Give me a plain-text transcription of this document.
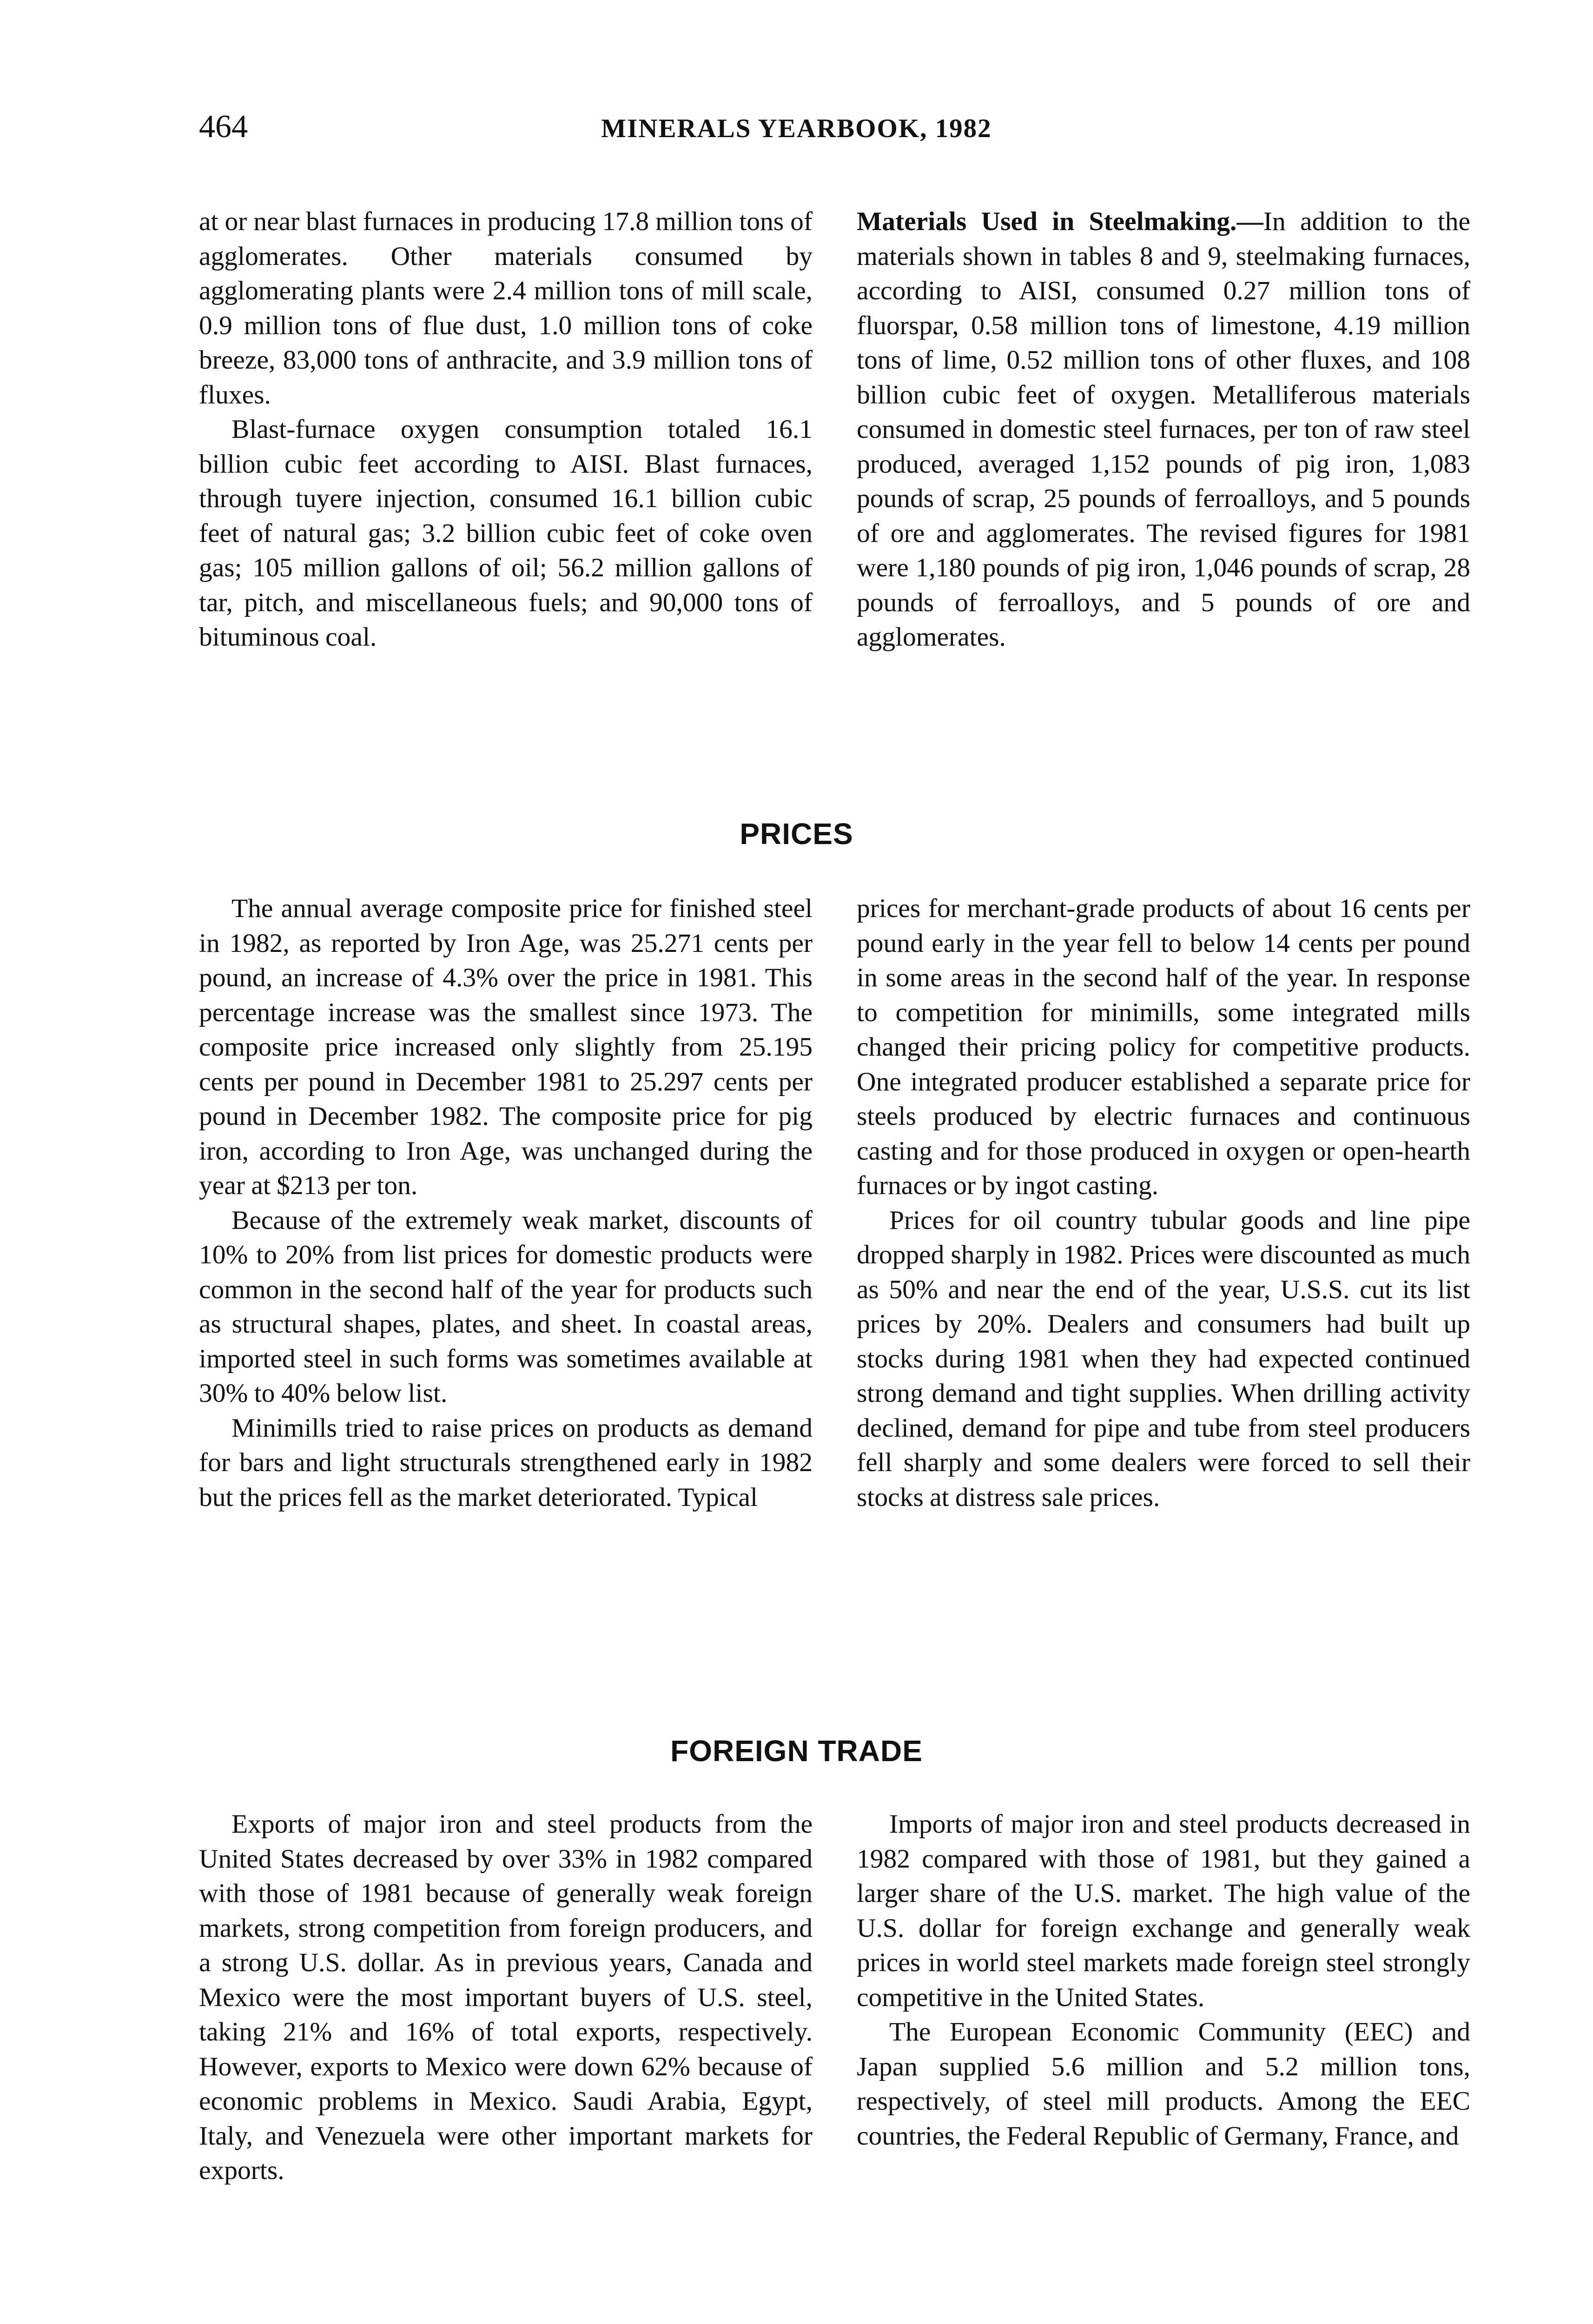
464	MINERALS YEARBOOK, 1982

at or near blast furnaces in producing 17.8 million tons of agglomerates. Other materials consumed by agglomerating plants were 2.4 million tons of mill scale, 0.9 million tons of flue dust, 1.0 million tons of coke breeze, 83,000 tons of anthracite, and 3.9 million tons of fluxes.

Blast-furnace oxygen consumption totaled 16.1 billion cubic feet according to AISI. Blast furnaces, through tuyere injection, consumed 16.1 billion cubic feet of natural gas; 3.2 billion cubic feet of coke oven gas; 105 million gallons of oil; 56.2 million gallons of tar, pitch, and miscellaneous fuels; and 90,000 tons of bituminous coal.

Materials Used in Steelmaking.—In addition to the materials shown in tables 8 and 9, steelmaking furnaces, according to AISI, consumed 0.27 million tons of fluorspar, 0.58 million tons of limestone, 4.19 million tons of lime, 0.52 million tons of other fluxes, and 108 billion cubic feet of oxygen. Metalliferous materials consumed in domestic steel furnaces, per ton of raw steel produced, averaged 1,152 pounds of pig iron, 1,083 pounds of scrap, 25 pounds of ferroalloys, and 5 pounds of ore and agglomerates. The revised figures for 1981 were 1,180 pounds of pig iron, 1,046 pounds of scrap, 28 pounds of ferroalloys, and 5 pounds of ore and agglomerates.

PRICES

The annual average composite price for finished steel in 1982, as reported by Iron Age, was 25.271 cents per pound, an increase of 4.3% over the price in 1981. This percentage increase was the smallest since 1973. The composite price increased only slightly from 25.195 cents per pound in December 1981 to 25.297 cents per pound in December 1982. The composite price for pig iron, according to Iron Age, was unchanged during the year at $213 per ton.

Because of the extremely weak market, discounts of 10% to 20% from list prices for domestic products were common in the second half of the year for products such as structural shapes, plates, and sheet. In coastal areas, imported steel in such forms was sometimes available at 30% to 40% below list.

Minimills tried to raise prices on products as demand for bars and light structurals strengthened early in 1982 but the prices fell as the market deteriorated. Typical

prices for merchant-grade products of about 16 cents per pound early in the year fell to below 14 cents per pound in some areas in the second half of the year. In response to competition for minimills, some integrated mills changed their pricing policy for competitive products. One integrated producer established a separate price for steels produced by electric furnaces and continuous casting and for those produced in oxygen or open-hearth furnaces or by ingot casting.

Prices for oil country tubular goods and line pipe dropped sharply in 1982. Prices were discounted as much as 50% and near the end of the year, U.S.S. cut its list prices by 20%. Dealers and consumers had built up stocks during 1981 when they had expected continued strong demand and tight supplies. When drilling activity declined, demand for pipe and tube from steel producers fell sharply and some dealers were forced to sell their stocks at distress sale prices.

FOREIGN TRADE

Exports of major iron and steel products from the United States decreased by over 33% in 1982 compared with those of 1981 because of generally weak foreign markets, strong competition from foreign producers, and a strong U.S. dollar. As in previous years, Canada and Mexico were the most important buyers of U.S. steel, taking 21% and 16% of total exports, respectively. However, exports to Mexico were down 62% because of economic problems in Mexico. Saudi Arabia, Egypt, Italy, and Venezuela were other important markets for exports.

Imports of major iron and steel products decreased in 1982 compared with those of 1981, but they gained a larger share of the U.S. market. The high value of the U.S. dollar for foreign exchange and generally weak prices in world steel markets made foreign steel strongly competitive in the United States.

The European Economic Community (EEC) and Japan supplied 5.6 million and 5.2 million tons, respectively, of steel mill products. Among the EEC countries, the Federal Republic of Germany, France, and
